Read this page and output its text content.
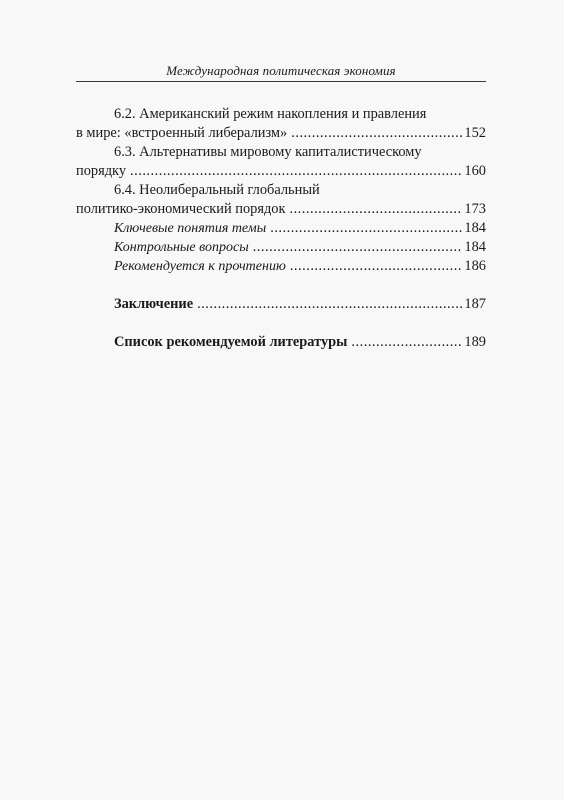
Международная политическая экономия
6.2. Американский режим накопления и правления
в мире: «встроенный либерализм» .....	152
6.3. Альтернативы мировому капиталистическому
порядку .....	160
6.4. Неолиберальный глобальный
политико-экономический порядок .....	173
Ключевые понятия темы .....	184
Контрольные вопросы .....	184
Рекомендуется к прочтению .....	186
Заключение .....	187
Список рекомендуемой литературы .....	189
